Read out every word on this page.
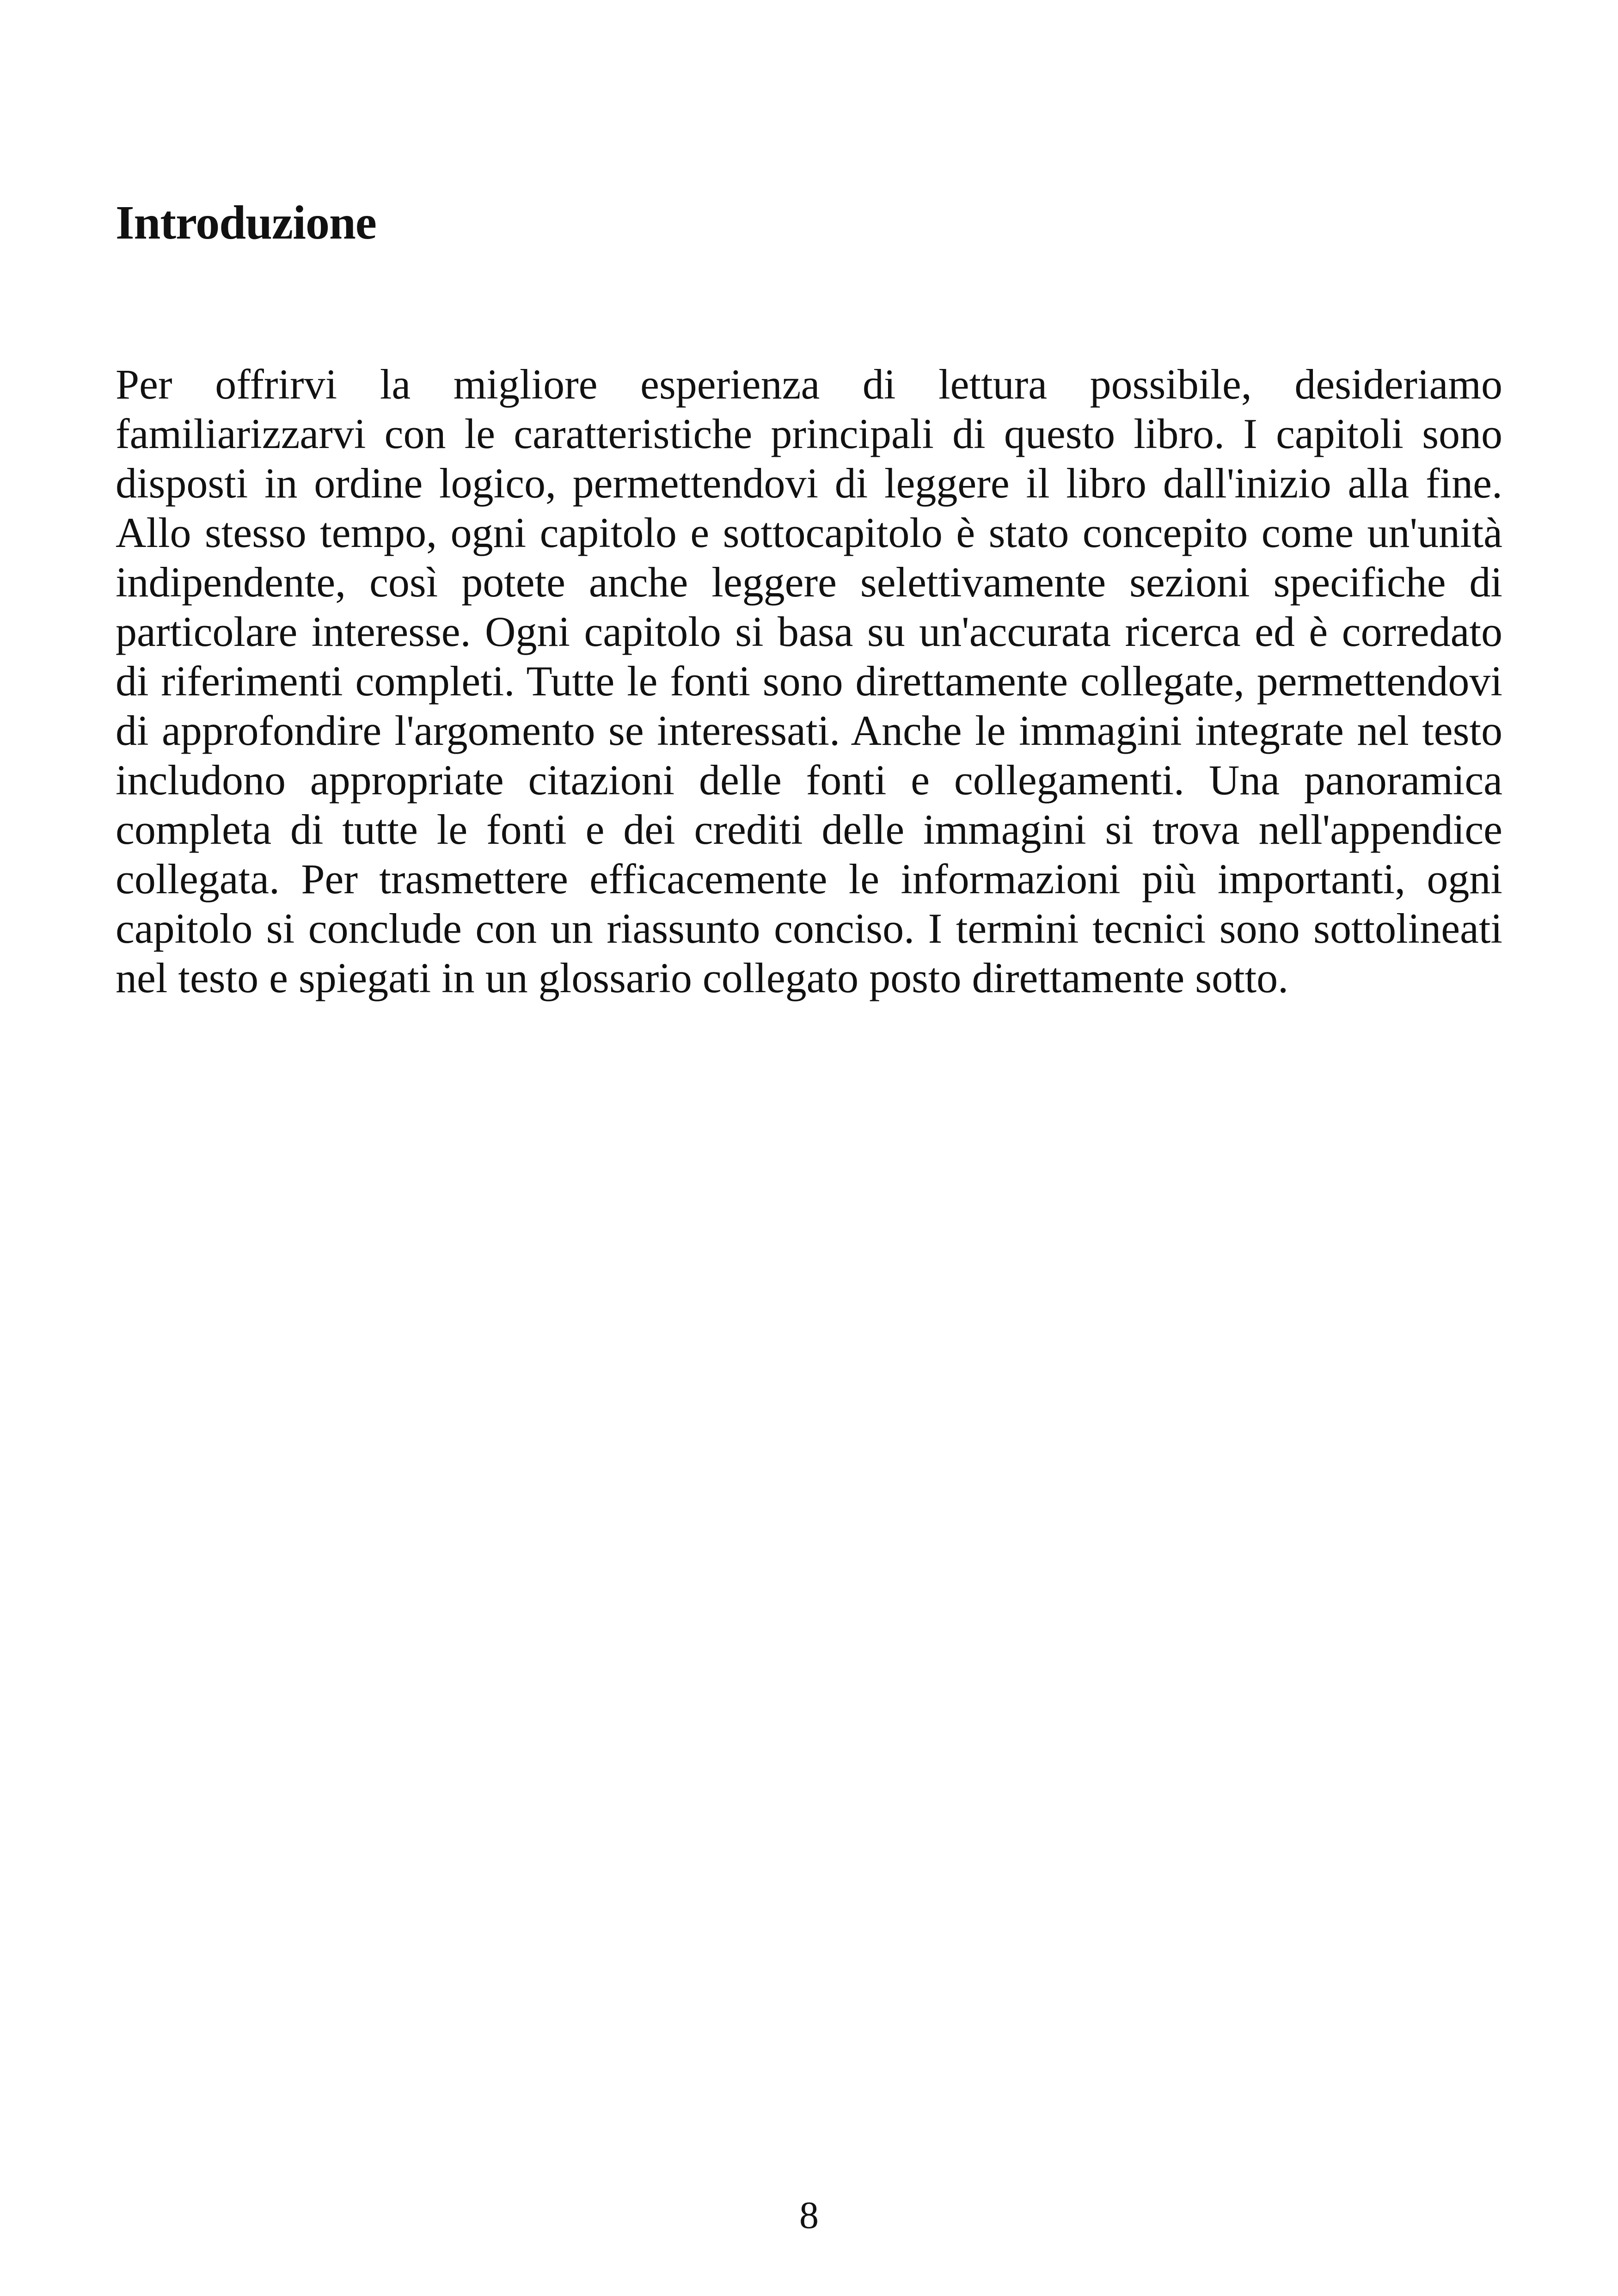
Introduzione

Per offrirvi la migliore esperienza di lettura possibile, desideriamo familiarizzarvi con le caratteristiche principali di questo libro. I capitoli sono disposti in ordine logico, permettendovi di leggere il libro dall'inizio alla fine. Allo stesso tempo, ogni capitolo e sottocapitolo è stato concepito come un'unità indipendente, così potete anche leggere selettivamente sezioni specifiche di particolare interesse. Ogni capitolo si basa su un'accurata ricerca ed è corredato di riferimenti completi. Tutte le fonti sono direttamente collegate, permettendovi di approfondire l'argomento se interessati. Anche le immagini integrate nel testo includono appropriate citazioni delle fonti e collegamenti. Una panoramica completa di tutte le fonti e dei crediti delle immagini si trova nell'appendice collegata. Per trasmettere efficacemente le informazioni più importanti, ogni capitolo si conclude con un riassunto conciso. I termini tecnici sono sottolineati nel testo e spiegati in un glossario collegato posto direttamente sotto.

8
